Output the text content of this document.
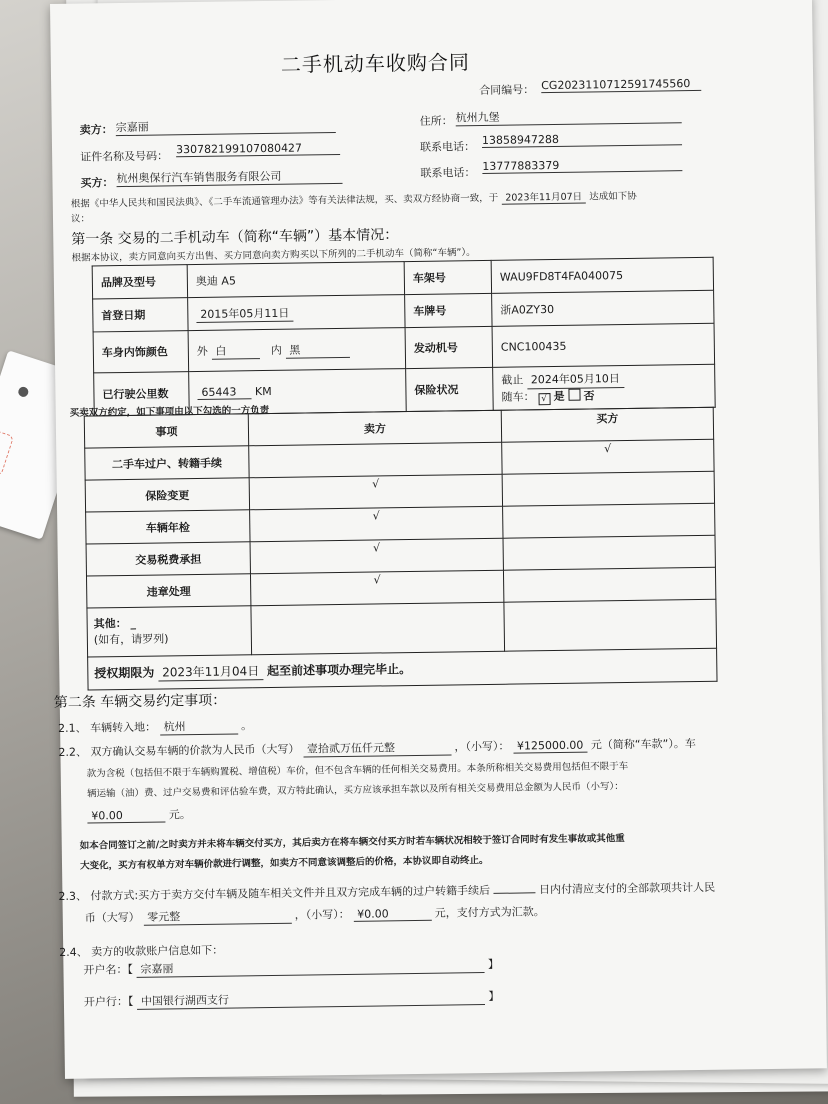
二手机动车收购合同
合同编号： CG2023110712591745560
卖方： 宗嘉丽	住所： 杭州九堡
证件名称及号码：
330782199107080427	联系电话： 13858947288
买方： 杭州奥保行汽车销售服务有限公司	联系电话： 13777883379
根据《中华人民共和国民法典》、《二手车流通管理办法》等有关法律法规，买、卖双方经协商一致，于 2023年11月07日 达成如下协
议：
第一条 交易的二手机动车（简称“车辆”）基本情况：
根据本协议，卖方同意向买方出售、买方同意向卖方购买以下所列的二手机动车（简称“车辆”）。
品牌及型号	奥迪 A5	车架号	WAU9FD8T4FA040075
首登日期	2015年05月11日	车牌号	浙A0ZY30
车身内饰颜色	外 白 内 黑	发动机号	CNC100435
已行驶公里数	65443 KM	保险状况	截止 2024年05月10日
随车： √ 是 否
买卖双方约定，如下事项由以下勾选的一方负责
事项	卖方	买方
二手车过户、转籍手续		√
保险变更	√	
车辆年检	√	
交易税费承担	√	
违章处理	√	
其他： _
(如有，请罗列)		
授权期限为 2023年11月04日 起至前述事项办理完毕止。		
第二条 车辆交易约定事项：
2.1、 车辆转入地： 杭州	。
2.2、 双方确认交易车辆的价款为人民币（大写） 壹拾贰万伍仟元整	，（小写）： ¥125000.00 元（简称“车款”）。车
款为含税（包括但不限于车辆购置税、增值税）车价，但不包含车辆的任何相关交易费用。本条所称相关交易费用包括但不限于车
辆运输（油）费、过户交易费和评估验车费，双方特此确认，买方应该承担车款以及所有相关交易费用总金额为人民币（小写）：
¥0.00	元。
如本合同签订之前/之时卖方并未将车辆交付买方，其后卖方在将车辆交付买方时若车辆状况相较于签订合同时有发生事故或其他重
大变化，买方有权单方对车辆价款进行调整，如卖方不同意该调整后的价格，本协议即自动终止。
2.3、 付款方式:买方于卖方交付车辆及随车相关文件并且双方完成车辆的过户转籍手续后	日内付清应支付的全部款项共计人民
币（大写） 零元整	，（小写）： ¥0.00	元，支付方式为汇款。
2.4、 卖方的收款账户信息如下：
开户名：【 宗嘉丽	】
开户行：【 中国银行湖西支行	】
